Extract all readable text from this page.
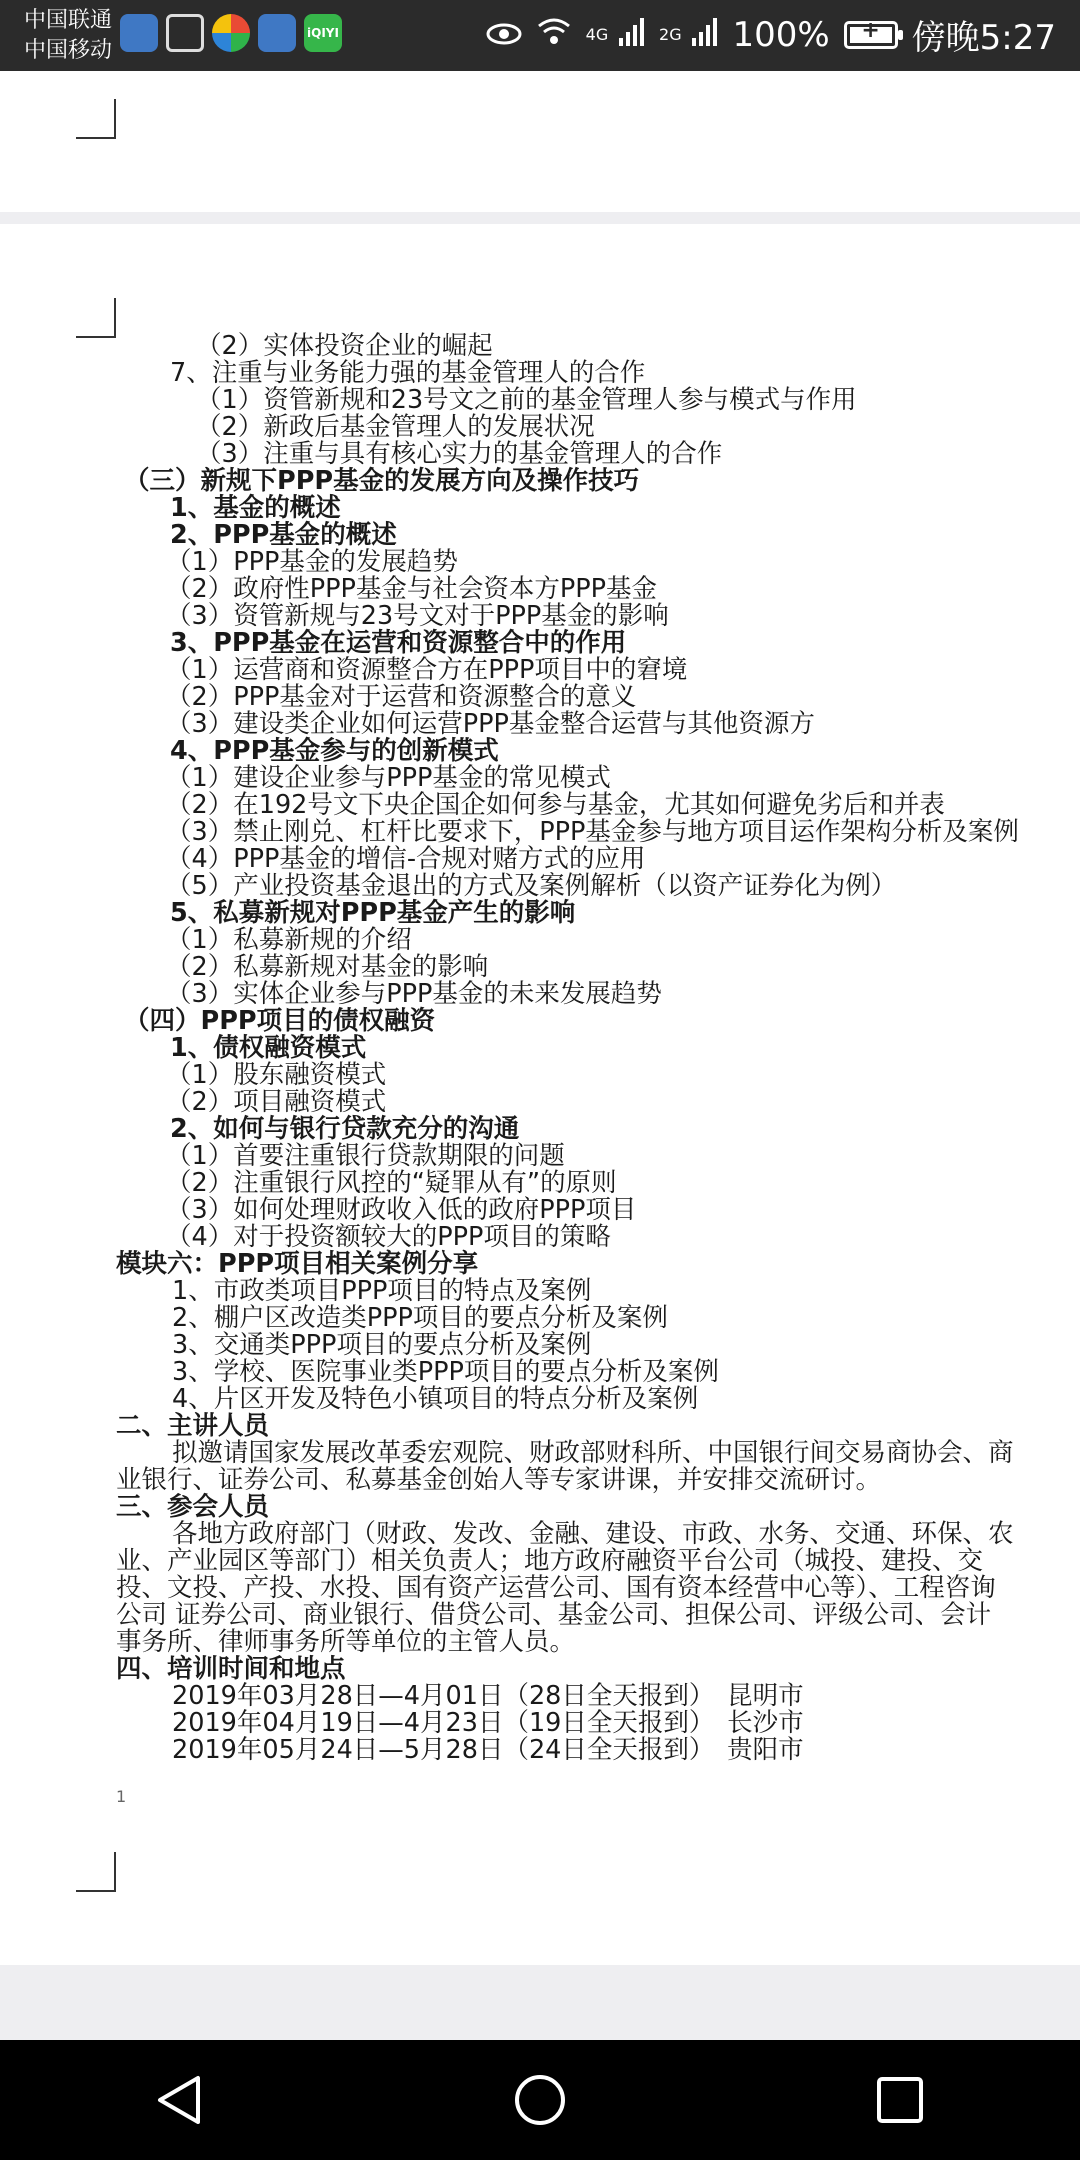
中国联通
中国移动
iQIYI	4G	2G	100%	+ 傍晚5:27
（2）实体投资企业的崛起
7、注重与业务能力强的基金管理人的合作
（1）资管新规和23号文之前的基金管理人参与模式与作用
（2）新政后基金管理人的发展状况
（3）注重与具有核心实力的基金管理人的合作
（三）新规下PPP基金的发展方向及操作技巧
1、基金的概述
2、PPP基金的概述
（1）PPP基金的发展趋势
（2）政府性PPP基金与社会资本方PPP基金
（3）资管新规与23号文对于PPP基金的影响
3、PPP基金在运营和资源整合中的作用
（1）运营商和资源整合方在PPP项目中的窘境
（2）PPP基金对于运营和资源整合的意义
（3）建设类企业如何运营PPP基金整合运营与其他资源方
4、PPP基金参与的创新模式
（1）建设企业参与PPP基金的常见模式
（2）在192号文下央企国企如何参与基金，尤其如何避免劣后和并表
（3）禁止刚兑、杠杆比要求下，PPP基金参与地方项目运作架构分析及案例
（4）PPP基金的增信-合规对赌方式的应用
（5）产业投资基金退出的方式及案例解析（以资产证券化为例）
5、私募新规对PPP基金产生的影响
（1）私募新规的介绍
（2）私募新规对基金的影响
（3）实体企业参与PPP基金的未来发展趋势
（四）PPP项目的债权融资
1、债权融资模式
（1）股东融资模式
（2）项目融资模式
2、如何与银行贷款充分的沟通
（1）首要注重银行贷款期限的问题
（2）注重银行风控的“疑罪从有”的原则
（3）如何处理财政收入低的政府PPP项目
（4）对于投资额较大的PPP项目的策略
模块六：PPP项目相关案例分享
1、市政类项目PPP项目的特点及案例
2、棚户区改造类PPP项目的要点分析及案例
3、交通类PPP项目的要点分析及案例
3、学校、医院事业类PPP项目的要点分析及案例
4、片区开发及特色小镇项目的特点分析及案例
二、主讲人员
拟邀请国家发展改革委宏观院、财政部财科所、中国银行间交易商协会、商
业银行、证券公司、私募基金创始人等专家讲课，并安排交流研讨。
三、参会人员
各地方政府部门（财政、发改、金融、建设、市政、水务、交通、环保、农
业、产业园区等部门）相关负责人；地方政府融资平台公司（城投、建投、交
投、文投、产投、水投、国有资产运营公司、国有资本经营中心等）、工程咨询
公司 证券公司、商业银行、借贷公司、基金公司、担保公司、评级公司、会计
事务所、律师事务所等单位的主管人员。
四、培训时间和地点
2019年03月28日—4月01日（28日全天报到）　昆明市
2019年04月19日—4月23日（19日全天报到）　长沙市
2019年05月24日—5月28日（24日全天报到）　贵阳市
1
